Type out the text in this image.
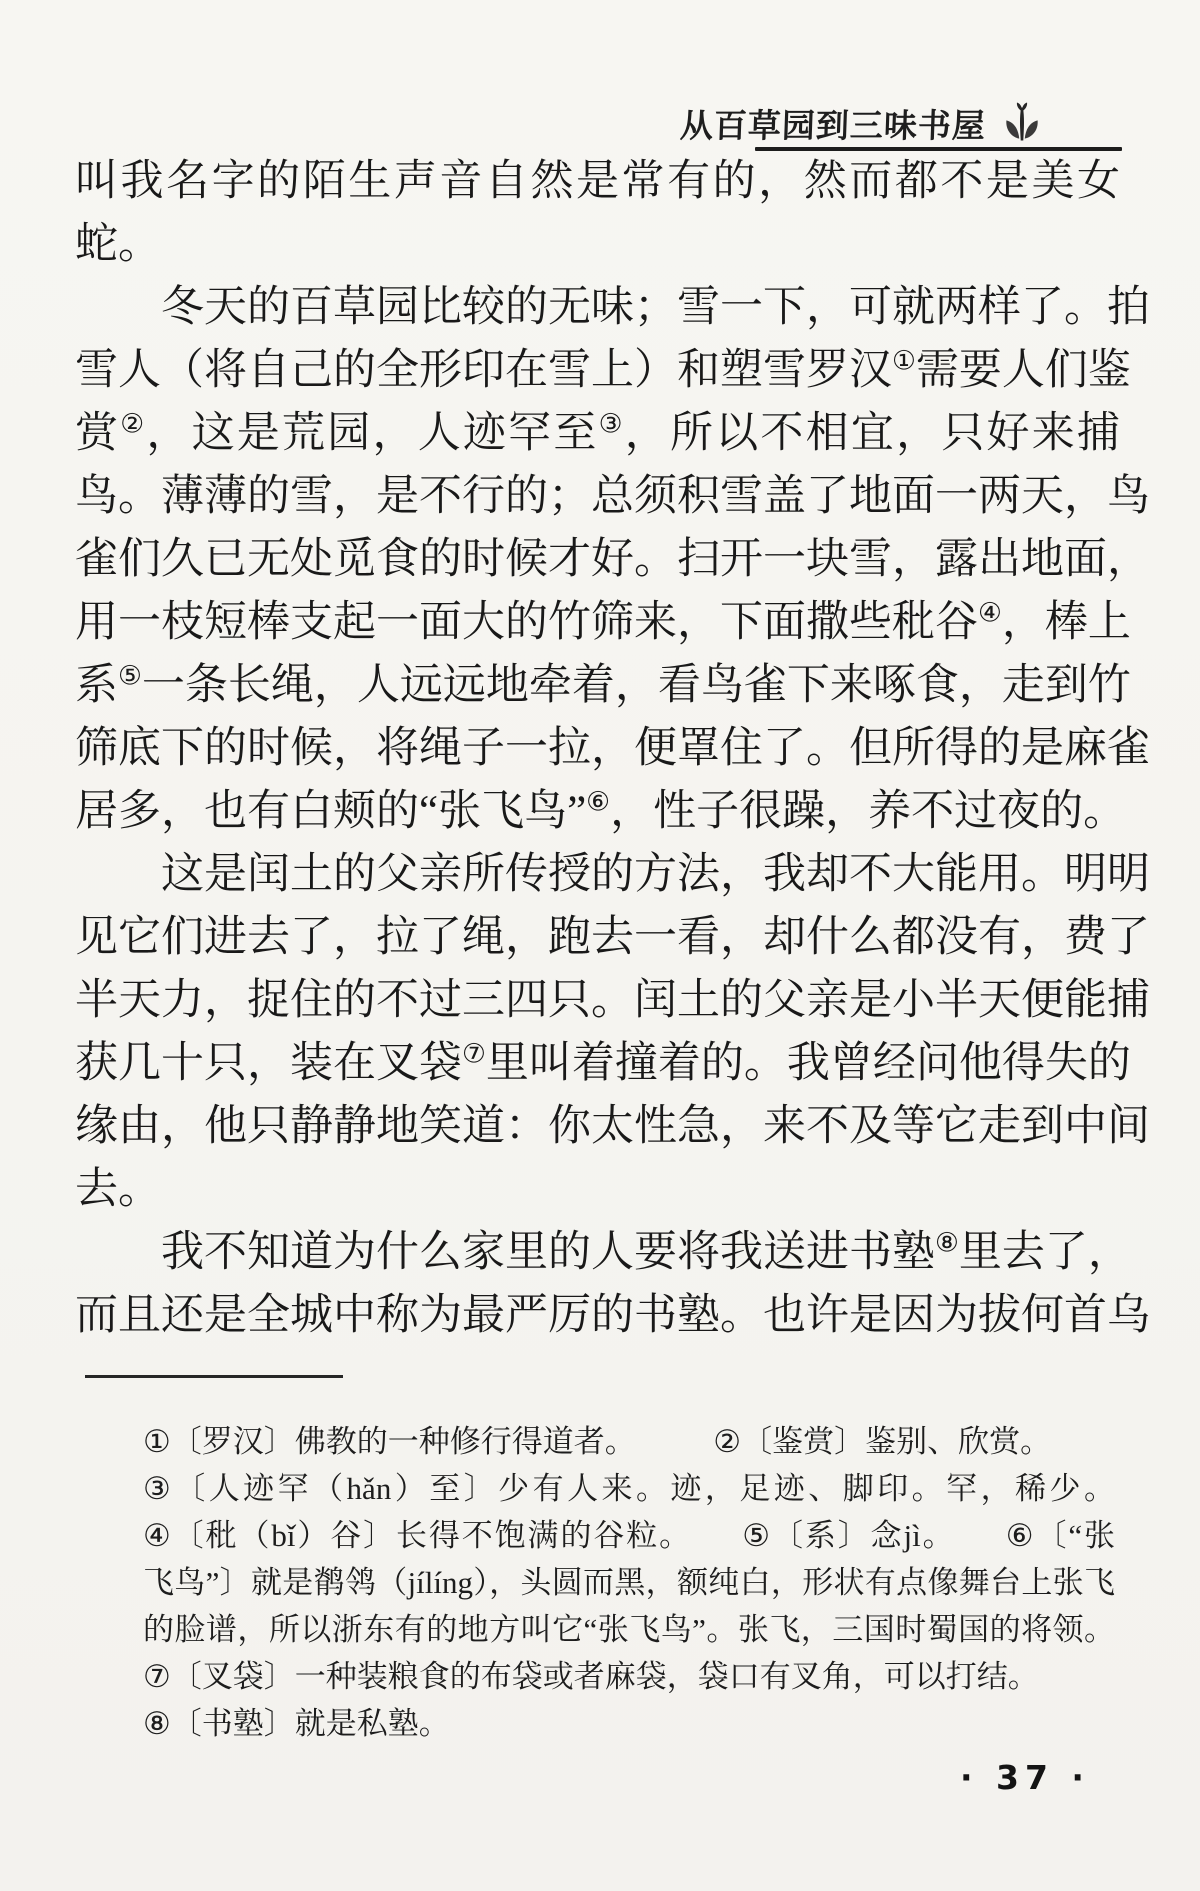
从百草园到三味书屋
叫我名字的陌生声音自然是常有的，然而都不是美女
蛇。
冬天的百草园比较的无味；雪一下，可就两样了。拍
雪人（将自己的全形印在雪上）和塑雪罗汉①需要人们鉴
赏②，这是荒园，人迹罕至③，所以不相宜，只好来捕
鸟。薄薄的雪，是不行的；总须积雪盖了地面一两天，鸟
雀们久已无处觅食的时候才好。扫开一块雪，露出地面，
用一枝短棒支起一面大的竹筛来，下面撒些秕谷④，棒上
系⑤一条长绳，人远远地牵着，看鸟雀下来啄食，走到竹
筛底下的时候，将绳子一拉，便罩住了。但所得的是麻雀
居多，也有白颊的“张飞鸟”⑥，性子很躁，养不过夜的。
这是闰土的父亲所传授的方法，我却不大能用。明明
见它们进去了，拉了绳，跑去一看，却什么都没有，费了
半天力，捉住的不过三四只。闰土的父亲是小半天便能捕
获几十只，装在叉袋⑦里叫着撞着的。我曾经问他得失的
缘由，他只静静地笑道：你太性急，来不及等它走到中间
去。
我不知道为什么家里的人要将我送进书塾⑧里去了，
而且还是全城中称为最严厉的书塾。也许是因为拔何首乌
①〔罗汉〕佛教的一种修行得道者。　　　②〔鉴赏〕鉴别、欣赏。
③〔人迹罕（hǎn）至〕少有人来。迹，足迹、脚印。罕，稀少。
④〔秕（bǐ）谷〕长得不饱满的谷粒。　　⑤〔系〕念jì。　　⑥〔“张
飞鸟”〕就是鹡鸰（jílíng），头圆而黑，额纯白，形状有点像舞台上张飞
的脸谱，所以浙东有的地方叫它“张飞鸟”。张飞，三国时蜀国的将领。
⑦〔叉袋〕一种装粮食的布袋或者麻袋，袋口有叉角，可以打结。
⑧〔书塾〕就是私塾。
· 37 ·
